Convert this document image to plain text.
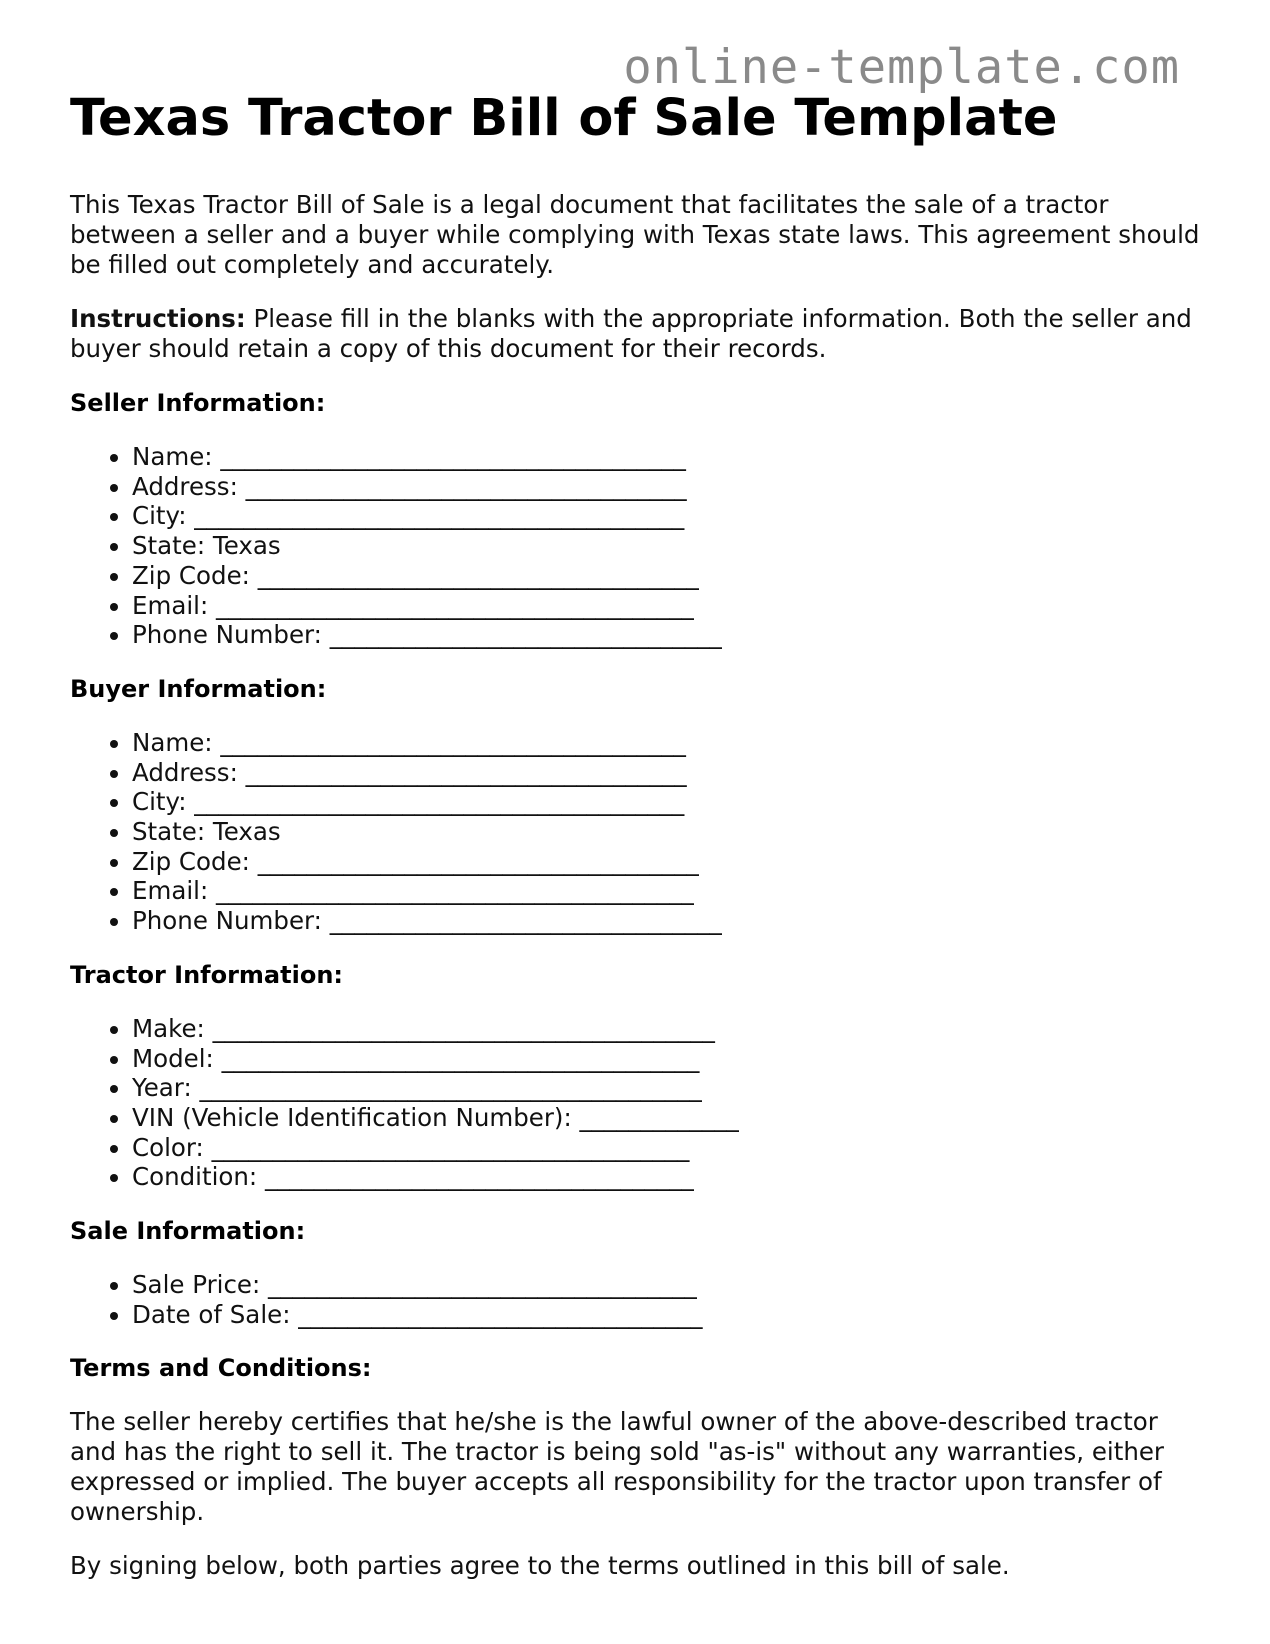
online-template.com
Texas Tractor Bill of Sale Template

This Texas Tractor Bill of Sale is a legal document that facilitates the sale of a tractor between a seller and a buyer while complying with Texas state laws. This agreement should be filled out completely and accurately.

Instructions: Please fill in the blanks with the appropriate information. Both the seller and buyer should retain a copy of this document for their records.

Seller Information:
• Name: ______________________________________
• Address: ____________________________________
• City: ________________________________________
• State: Texas
• Zip Code: ____________________________________
• Email: _______________________________________
• Phone Number: ________________________________
Buyer Information:
• Name: ______________________________________
• Address: ____________________________________
• City: ________________________________________
• State: Texas
• Zip Code: ____________________________________
• Email: _______________________________________
• Phone Number: ________________________________
Tractor Information:
• Make: _________________________________________
• Model: _______________________________________
• Year: _________________________________________
• VIN (Vehicle Identification Number): _____________
• Color: _______________________________________
• Condition: ___________________________________
Sale Information:
• Sale Price: ___________________________________
• Date of Sale: _________________________________
Terms and Conditions:

The seller hereby certifies that he/she is the lawful owner of the above-described tractor and has the right to sell it. The tractor is being sold "as-is" without any warranties, either expressed or implied. The buyer accepts all responsibility for the tractor upon transfer of ownership.

By signing below, both parties agree to the terms outlined in this bill of sale.
